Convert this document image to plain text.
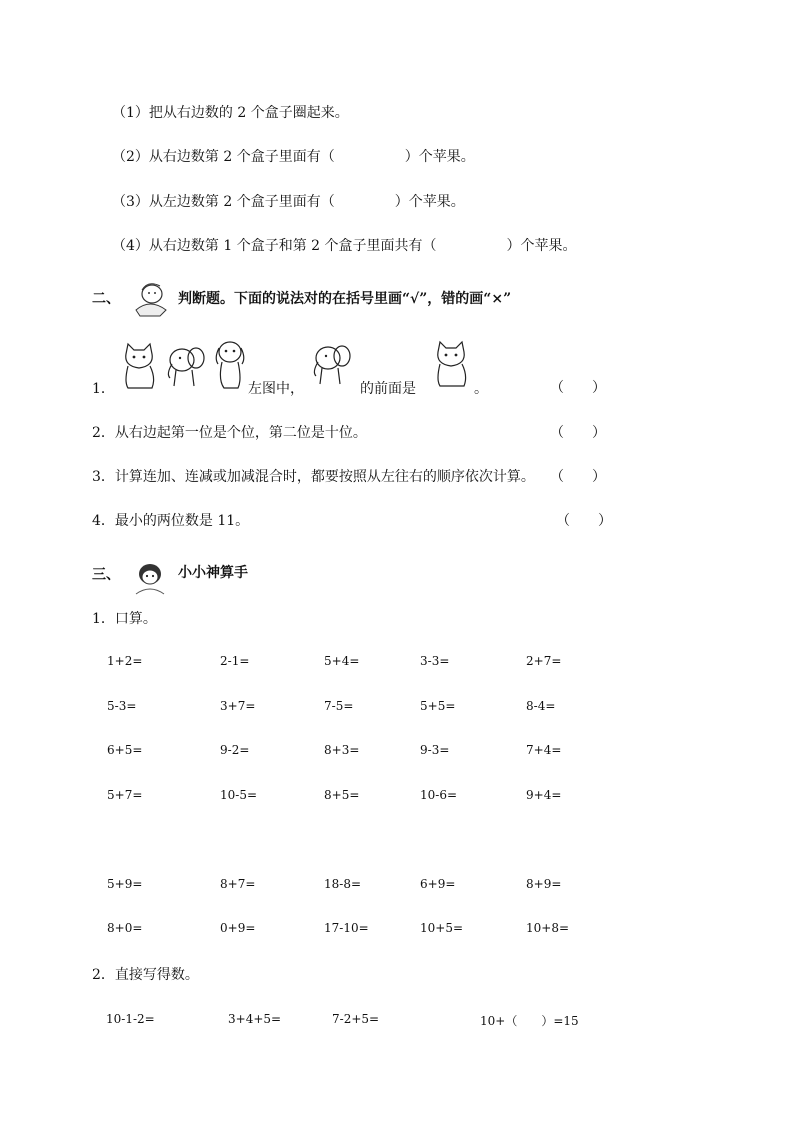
（1）把从右边数的 2 个盒子圈起来。
（2）从右边数第 2 个盒子里面有（	）个苹果。
（3）从左边数第 2 个盒子里面有（	）个苹果。
（4）从右边数第 1 个盒子和第 2 个盒子里面共有（	）个苹果。
二、	判断题。下面的说法对的在括号里画“√”，错的画“×”
1．	左图中，	的前面是	。	（　　）
2．从右边起第一位是个位，第二位是十位。	（　　）
3．计算连加、连减或加减混合时，都要按照从左往右的顺序依次计算。 （　　）
4．最小的两位数是 11。	（　　）
三、	小小神算手
1．口算。
1+2=	2-1=	5+4=	3-3=	2+7=
5-3=	3+7=	7-5=	5+5=	8-4=
6+5=	9-2=	8+3=	9-3=	7+4=
5+7=	10-5=	8+5=	10-6=	9+4=
5+9=	8+7=	18-8=	6+9=	8+9=
8+0=	0+9=	17-10=	10+5=	10+8=
2．直接写得数。
10-1-2=	3+4+5=	7-2+5=	10+（　　）=15
